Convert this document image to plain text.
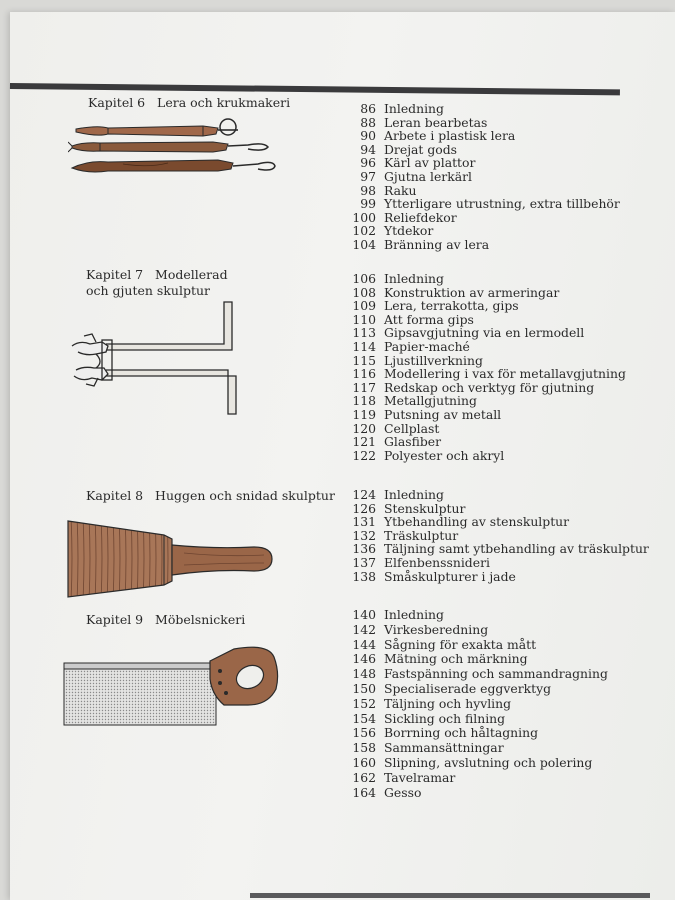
Kapitel 6   Lera och krukmakeri	86 Inledning
88 Leran bearbetas
90 Arbete i plastisk lera
94 Drejat gods
96 Kärl av plattor
97 Gjutna lerkärl
98 Raku
99 Ytterligare utrustning, extra tillbehör
100 Reliefdekor
102 Ytdekor
104 Bränning av lera
Kapitel 7   Modellerad
och gjuten skulptur
106 Inledning
108 Konstruktion av armeringar
109 Lera, terrakotta, gips
110 Att forma gips
113 Gipsavgjutning via en lermodell
114 Papier-maché
115 Ljustillverkning
116 Modellering i vax för metallavgjutning
117 Redskap och verktyg för gjutning
118 Metallgjutning
119 Putsning av metall
120 Cellplast
121 Glasfiber
122 Polyester och akryl
Kapitel 8   Huggen och snidad skulptur	124 Inledning
126 Stenskulptur
131 Ytbehandling av stenskulptur
132 Träskulptur
136 Täljning samt ytbehandling av träskulptur
137 Elfenbenssnideri
138 Småskulpturer i jade
Kapitel 9   Möbelsnickeri	140 Inledning
142 Virkesberedning
144 Sågning för exakta mått
146 Mätning och märkning
148 Fastspänning och sammandragning
150 Specialiserade eggverktyg
152 Täljning och hyvling
154 Sickling och filning
156 Borrning och håltagning
158 Sammansättningar
160 Slipning, avslutning och polering
162 Tavelramar
164 Gesso
